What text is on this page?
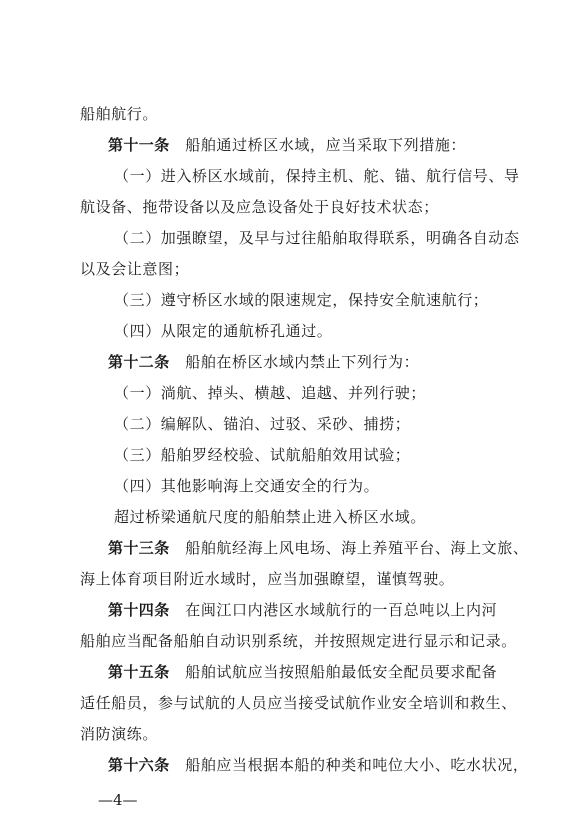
船舶航行。
第十一条　 船舶通过桥区水域，应当采取下列措施：
（一）进入桥区水域前，保持主机、舵、锚、航行信号、导
航设备、拖带设备以及应急设备处于良好技术状态；
（二）加强瞭望，及早与过往船舶取得联系，明确各自动态
以及会让意图；
（三）遵守桥区水域的限速规定，保持安全航速航行；
（四）从限定的通航桥孔通过。
第十二条　 船舶在桥区水域内禁止下列行为：
（一）淌航、掉头、横越、追越、并列行驶；
（二）编解队、锚泊、过驳、采砂、捕捞；
（三）船舶罗经校验、试航船舶效用试验；
（四）其他影响海上交通安全的行为。
超过桥梁通航尺度的船舶禁止进入桥区水域。
第十三条　 船舶航经海上风电场、海上养殖平台、海上文旅、
海上体育项目附近水域时，应当加强瞭望，谨慎驾驶。
第十四条　 在闽江口内港区水域航行的一百总吨以上内河
船舶应当配备船舶自动识别系统，并按照规定进行显示和记录。
第十五条　 船舶试航应当按照船舶最低安全配员要求配备
适任船员，参与试航的人员应当接受试航作业安全培训和救生、
消防演练。
第十六条　 船舶应当根据本船的种类和吨位大小、吃水状况，
—4—
